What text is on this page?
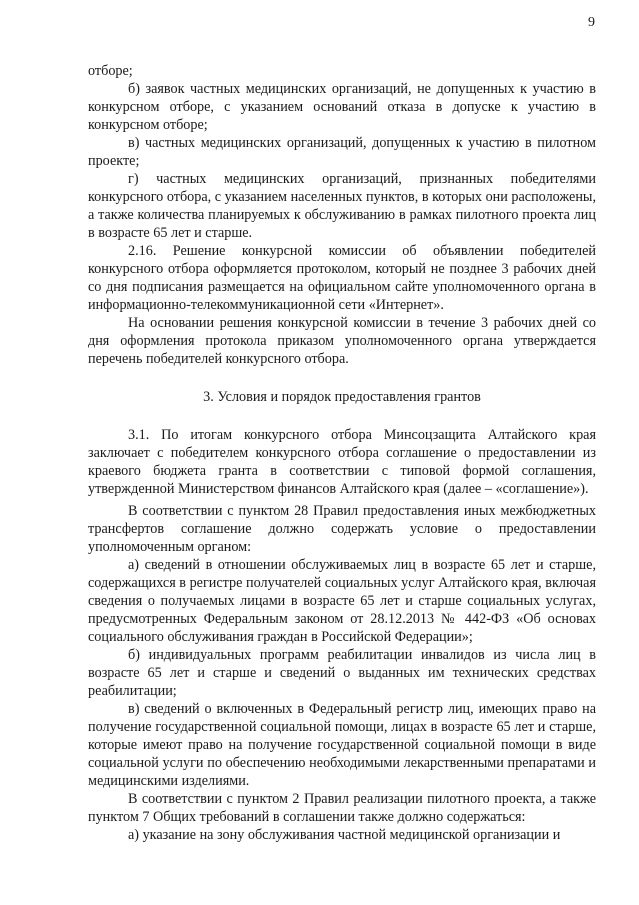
9

отборе;

б) заявок частных медицинских организаций, не допущенных к участию в конкурсном отборе, с указанием оснований отказа в допуске к участию в конкурсном отборе;

в) частных медицинских организаций, допущенных к участию в пилотном проекте;

г) частных медицинских организаций, признанных победителями конкурсного отбора, с указанием населенных пунктов, в которых они расположены, а также количества планируемых к обслуживанию в рамках пилотного проекта лиц в возрасте 65 лет и старше.

2.16. Решение конкурсной комиссии об объявлении победителей конкурсного отбора оформляется протоколом, который не позднее 3 рабочих дней со дня подписания размещается на официальном сайте уполномоченного органа в информационно-телекоммуникационной сети «Интернет».

На основании решения конкурсной комиссии в течение 3 рабочих дней со дня оформления протокола приказом уполномоченного органа утверждается перечень победителей конкурсного отбора.

3. Условия и порядок предоставления грантов

3.1. По итогам конкурсного отбора Минсоцзащита Алтайского края заключает с победителем конкурсного отбора соглашение о предоставлении из краевого бюджета гранта в соответствии с типовой формой соглашения, утвержденной Министерством финансов Алтайского края (далее – «соглашение»).

В соответствии с пунктом 28 Правил предоставления иных межбюджетных трансфертов соглашение должно содержать условие о предоставлении уполномоченным органом:

а) сведений в отношении обслуживаемых лиц в возрасте 65 лет и старше, содержащихся в регистре получателей социальных услуг Алтайского края, включая сведения о получаемых лицами в возрасте 65 лет и старше социальных услугах, предусмотренных Федеральным законом от 28.12.2013 № 442-ФЗ «Об основах социального обслуживания граждан в Российской Федерации»;

б) индивидуальных программ реабилитации инвалидов из числа лиц в возрасте 65 лет и старше и сведений о выданных им технических средствах реабилитации;

в) сведений о включенных в Федеральный регистр лиц, имеющих право на получение государственной социальной помощи, лицах в возрасте 65 лет и старше, которые имеют право на получение государственной социальной помощи в виде социальной услуги по обеспечению необходимыми лекарственными препаратами и медицинскими изделиями.

В соответствии с пунктом 2 Правил реализации пилотного проекта, а также пунктом 7 Общих требований в соглашении также должно содержаться:

а) указание на зону обслуживания частной медицинской организации и
